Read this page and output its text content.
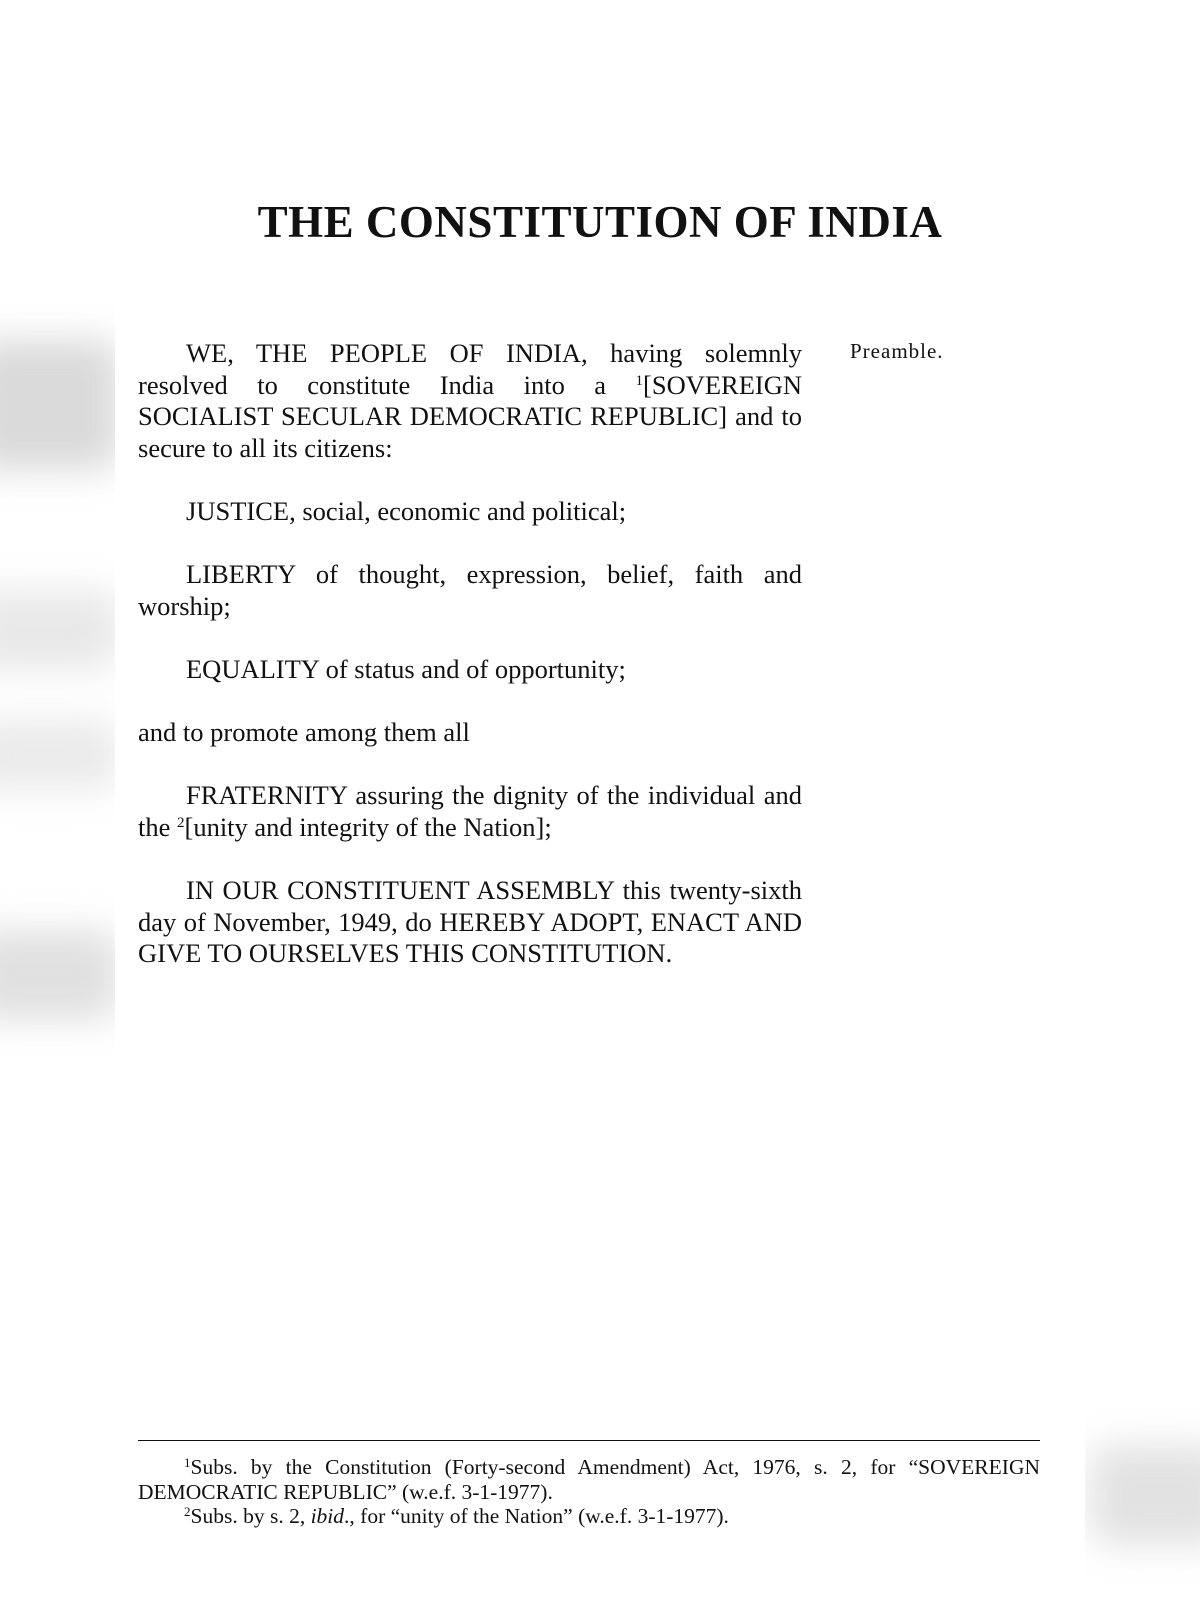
THE CONSTITUTION OF INDIA
Preamble.

WE, THE PEOPLE OF INDIA, having solemnly resolved to constitute India into a $^1$[SOVEREIGN SOCIALIST SECULAR DEMOCRATIC REPUBLIC] and to secure to all its citizens:

JUSTICE, social, economic and political;

LIBERTY of thought, expression, belief, faith and worship;

EQUALITY of status and of opportunity;

and to promote among them all

FRATERNITY assuring the dignity of the individual and the $^2$[unity and integrity of the Nation];

IN OUR CONSTITUENT ASSEMBLY this twenty-sixth day of November, 1949, do HEREBY ADOPT, ENACT AND GIVE TO OURSELVES THIS CONSTITUTION.

$^1$Subs. by the Constitution (Forty-second Amendment) Act, 1976, s. 2, for “SOVEREIGN DEMOCRATIC REPUBLIC” (w.e.f. 3-1-1977).

$^2$Subs. by s. 2, ibid., for “unity of the Nation” (w.e.f. 3-1-1977).
